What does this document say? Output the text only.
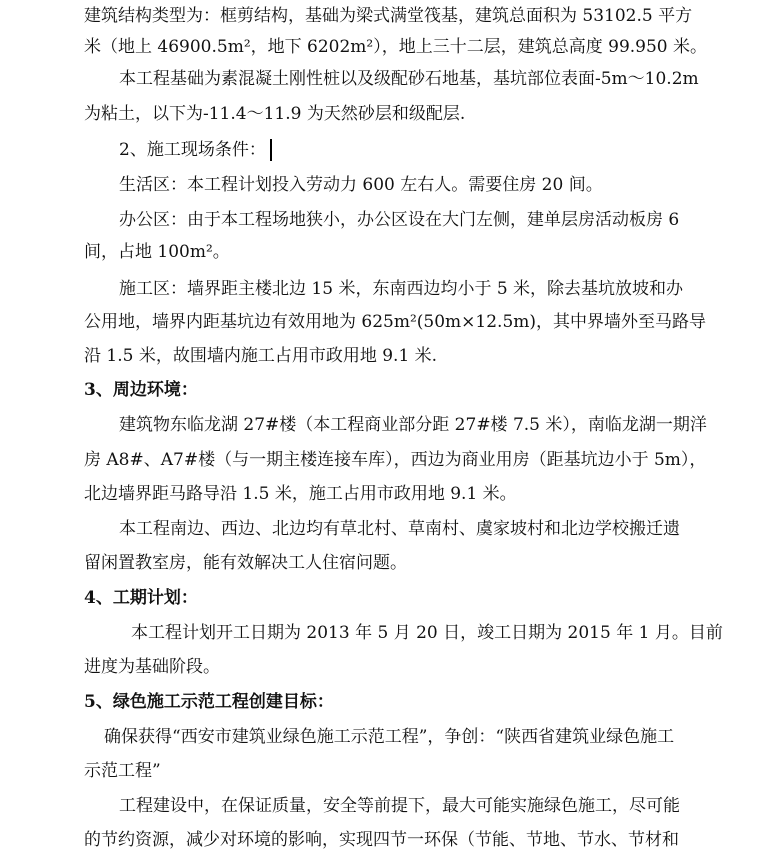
建筑结构类型为：框剪结构，基础为梁式满堂筏基，建筑总面积为 53102.5 平方
米（地上 46900.5m²，地下 6202m²），地上三十二层，建筑总高度 99.950 米。
本工程基础为素混凝土刚性桩以及级配砂石地基，基坑部位表面-5m～10.2m
为粘土，以下为-11.4～11.9 为天然砂层和级配层.
2、施工现场条件：
生活区：本工程计划投入劳动力 600 左右人。需要住房 20 间。
办公区：由于本工程场地狭小，办公区设在大门左侧，建单层房活动板房 6
间，占地 100m²。
施工区：墙界距主楼北边 15 米，东南西边均小于 5 米，除去基坑放坡和办
公用地，墙界内距基坑边有效用地为 625m²(50m×12.5m)，其中界墙外至马路导
沿 1.5 米，故围墙内施工占用市政用地 9.1 米.
3、周边环境：
建筑物东临龙湖 27#楼（本工程商业部分距 27#楼 7.5 米），南临龙湖一期洋
房 A8#、A7#楼（与一期主楼连接车库），西边为商业用房（距基坑边小于 5m），
北边墙界距马路导沿 1.5 米，施工占用市政用地 9.1 米。
本工程南边、西边、北边均有草北村、草南村、虞家坡村和北边学校搬迁遗
留闲置教室房，能有效解决工人住宿问题。
4、工期计划：
本工程计划开工日期为 2013 年 5 月 20 日，竣工日期为 2015 年 1 月。目前
进度为基础阶段。
5、绿色施工示范工程创建目标：
确保获得“西安市建筑业绿色施工示范工程”，争创：“陕西省建筑业绿色施工
示范工程”
工程建设中，在保证质量，安全等前提下，最大可能实施绿色施工，尽可能
的节约资源，减少对环境的影响，实现四节一环保（节能、节地、节水、节材和
